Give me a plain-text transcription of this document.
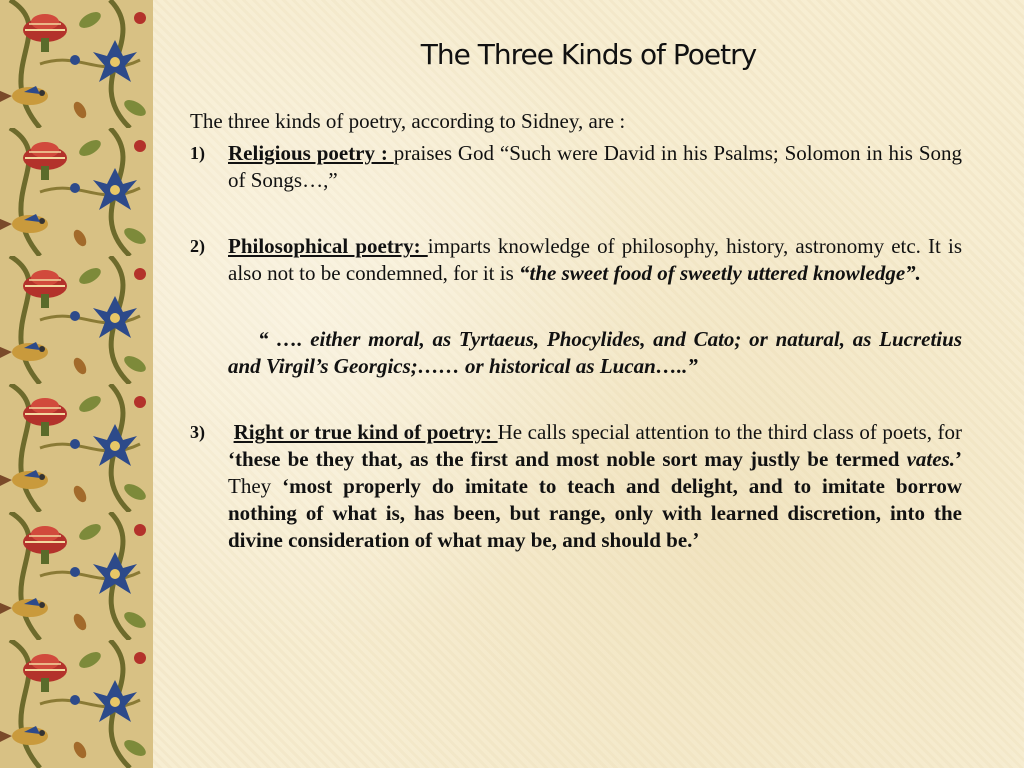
The Three Kinds of Poetry

The three kinds of poetry, according to Sidney, are :

1) Religious poetry : praises God “Such were David in his Psalms; Solomon in his Song of Songs…,”
2) Philosophical poetry: imparts knowledge of philosophy, history, astronomy etc. It is also not to be condemned, for it is “the sweet food of sweetly uttered knowledge”.
“ …. either moral, as Tyrtaeus, Phocylides, and Cato; or natural, as Lucretius and Virgil’s Georgics;…… or historical as Lucan…..”
3) Right or true kind of poetry: He calls special attention to the third class of poets, for ‘these be they that, as the first and most noble sort may justly be termed vates.’ They ‘most properly do imitate to teach and delight, and to imitate borrow nothing of what is, has been, but range, only with learned discretion, into the divine consideration of what may be, and should be.’
